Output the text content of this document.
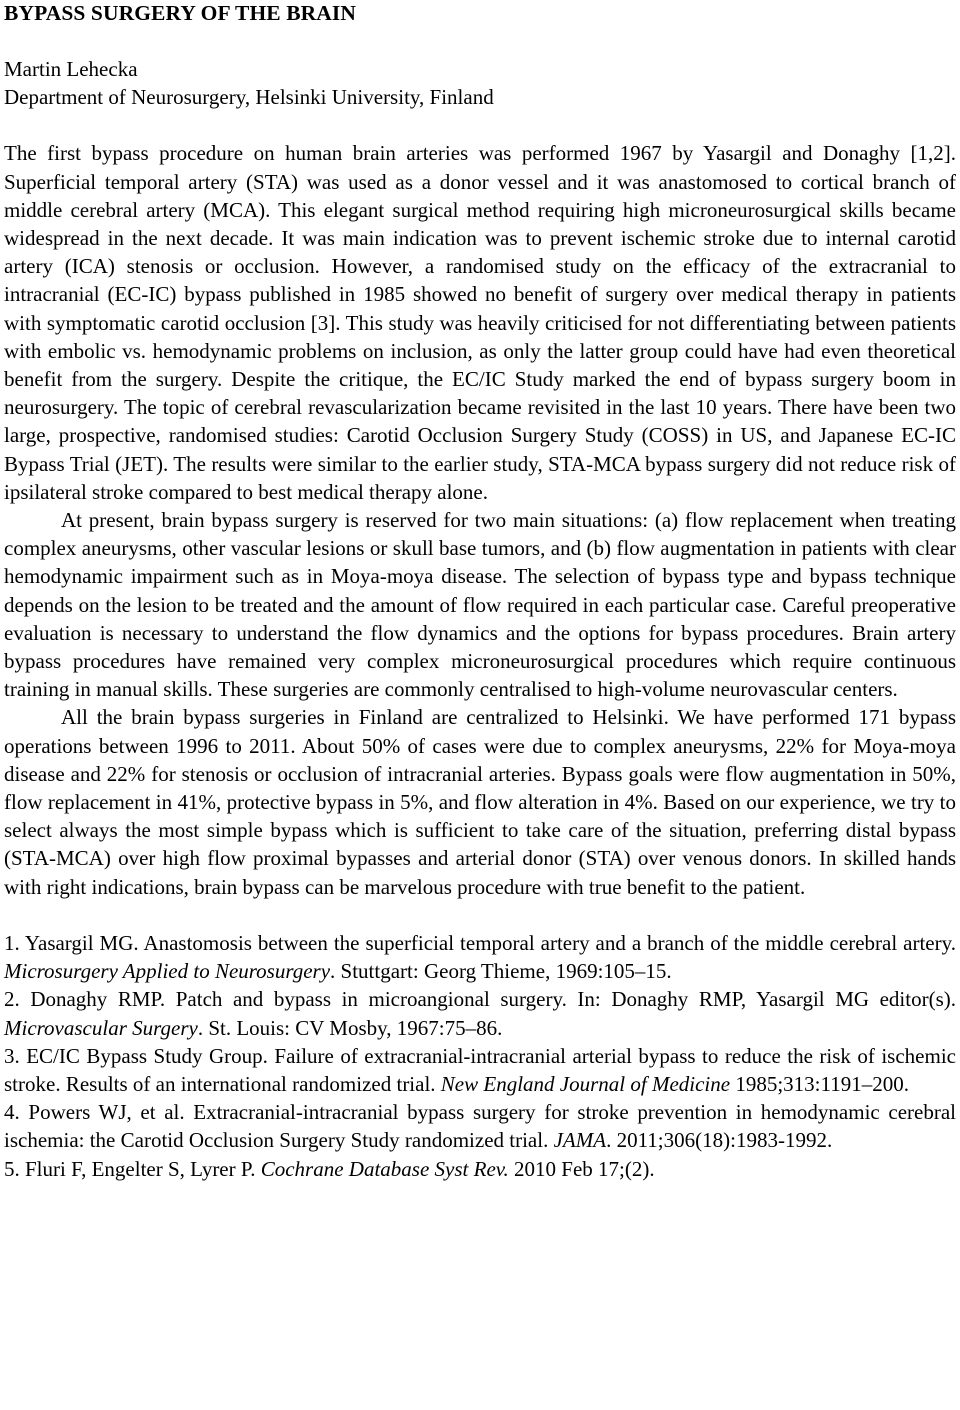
BYPASS SURGERY OF THE BRAIN
Martin Lehecka
Department of Neurosurgery, Helsinki University, Finland

The first bypass procedure on human brain arteries was performed 1967 by Yasargil and Donaghy [1,2]. Superficial temporal artery (STA) was used as a donor vessel and it was anastomosed to cortical branch of middle cerebral artery (MCA). This elegant surgical method requiring high microneurosurgical skills became widespread in the next decade. It was main indication was to prevent ischemic stroke due to internal carotid artery (ICA) stenosis or occlusion. However, a randomised study on the efficacy of the extracranial to intracranial (EC-IC) bypass published in 1985 showed no benefit of surgery over medical therapy in patients with symptomatic carotid occlusion [3]. This study was heavily criticised for not differentiating between patients with embolic vs. hemodynamic problems on inclusion, as only the latter group could have had even theoretical benefit from the surgery. Despite the critique, the EC/IC Study marked the end of bypass surgery boom in neurosurgery. The topic of cerebral revascularization became revisited in the last 10 years. There have been two large, prospective, randomised studies: Carotid Occlusion Surgery Study (COSS) in US, and Japanese EC-IC Bypass Trial (JET). The results were similar to the earlier study, STA-MCA bypass surgery did not reduce risk of ipsilateral stroke compared to best medical therapy alone.

At present, brain bypass surgery is reserved for two main situations: (a) flow replacement when treating complex aneurysms, other vascular lesions or skull base tumors, and (b) flow augmentation in patients with clear hemodynamic impairment such as in Moya-moya disease. The selection of bypass type and bypass technique depends on the lesion to be treated and the amount of flow required in each particular case. Careful preoperative evaluation is necessary to understand the flow dynamics and the options for bypass procedures. Brain artery bypass procedures have remained very complex microneurosurgical procedures which require continuous training in manual skills. These surgeries are commonly centralised to high-volume neurovascular centers.

All the brain bypass surgeries in Finland are centralized to Helsinki. We have performed 171 bypass operations between 1996 to 2011. About 50% of cases were due to complex aneurysms, 22% for Moya-moya disease and 22% for stenosis or occlusion of intracranial arteries. Bypass goals were flow augmentation in 50%, flow replacement in 41%, protective bypass in 5%, and flow alteration in 4%. Based on our experience, we try to select always the most simple bypass which is sufficient to take care of the situation, preferring distal bypass (STA-MCA) over high flow proximal bypasses and arterial donor (STA) over venous donors. In skilled hands with right indications, brain bypass can be marvelous procedure with true benefit to the patient.

1. Yasargil MG. Anastomosis between the superficial temporal artery and a branch of the middle cerebral artery. Microsurgery Applied to Neurosurgery. Stuttgart: Georg Thieme, 1969:105–15.
2. Donaghy RMP. Patch and bypass in microangional surgery. In: Donaghy RMP, Yasargil MG editor(s). Microvascular Surgery. St. Louis: CV Mosby, 1967:75–86.
3. EC/IC Bypass Study Group. Failure of extracranial-intracranial arterial bypass to reduce the risk of ischemic stroke. Results of an international randomized trial. New England Journal of Medicine 1985;313:1191–200.
4. Powers WJ, et al. Extracranial-intracranial bypass surgery for stroke prevention in hemodynamic cerebral ischemia: the Carotid Occlusion Surgery Study randomized trial. JAMA. 2011;306(18):1983-1992.
5. Fluri F, Engelter S, Lyrer P. Cochrane Database Syst Rev. 2010 Feb 17;(2).
